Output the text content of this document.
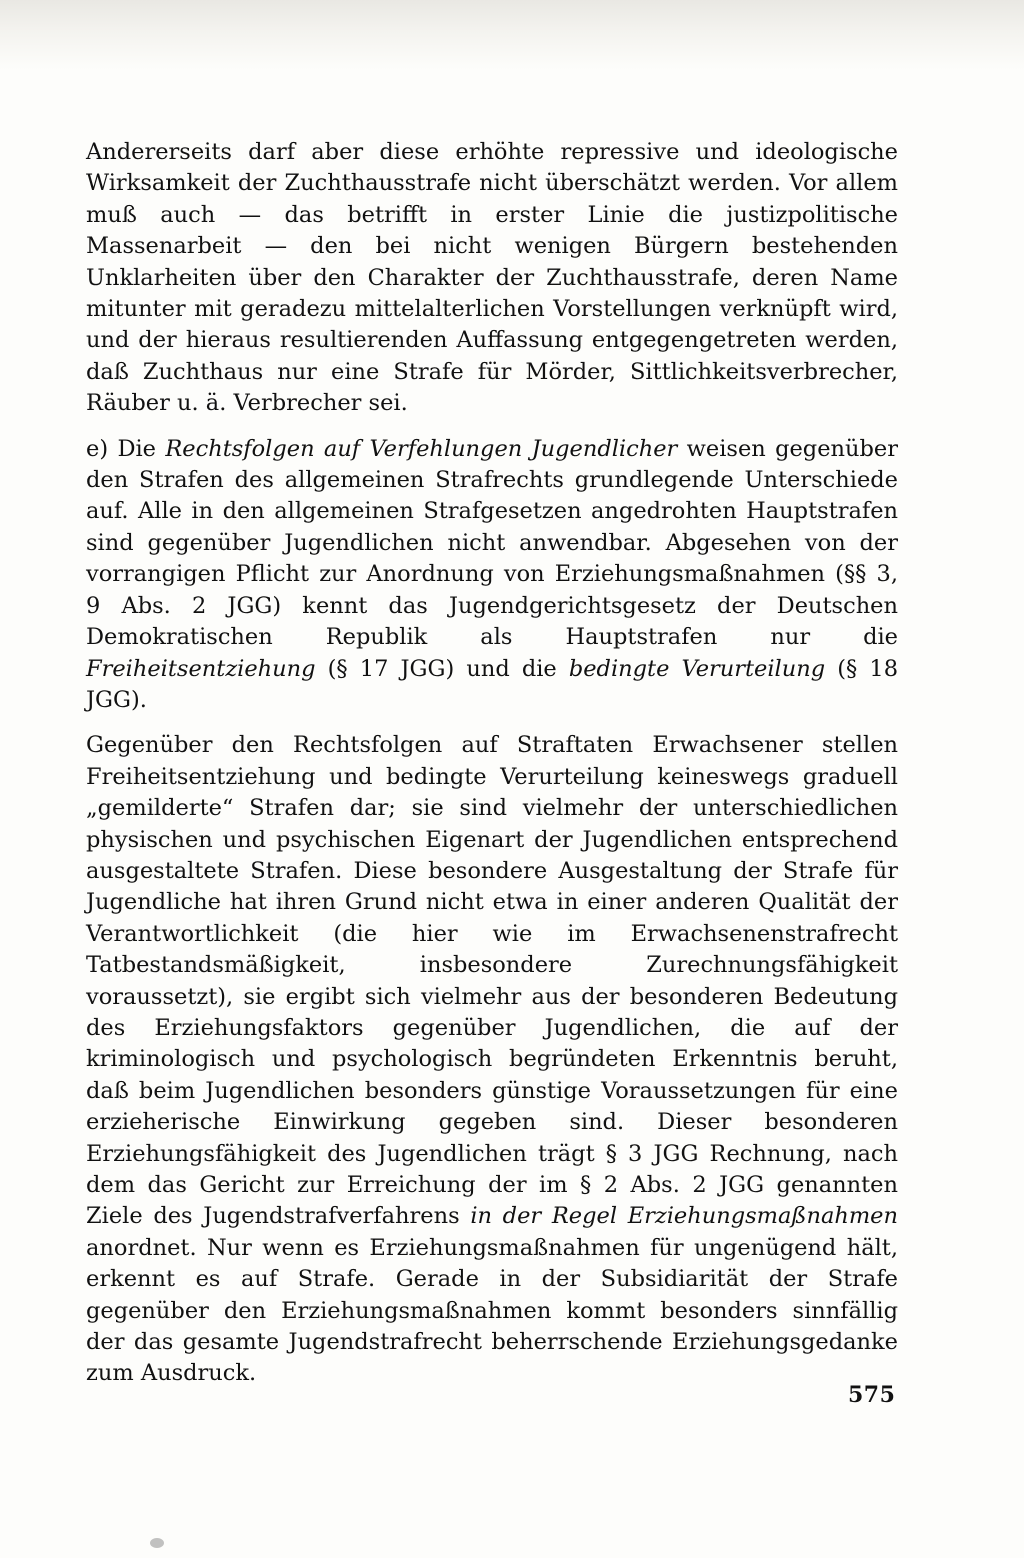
Andererseits darf aber diese erhöhte repressive und ideologische Wirksamkeit der Zuchthausstrafe nicht überschätzt werden. Vor allem muß auch — das betrifft in erster Linie die justizpolitische Massenarbeit — den bei nicht wenigen Bürgern bestehenden Unklarheiten über den Charakter der Zuchthausstrafe, deren Name mitunter mit geradezu mittelalterlichen Vorstellungen verknüpft wird, und der hieraus resultierenden Auffassung entgegengetreten werden, daß Zuchthaus nur eine Strafe für Mörder, Sittlichkeitsverbrecher, Räuber u. ä. Verbrecher sei.

e) Die Rechtsfolgen auf Verfehlungen Jugendlicher weisen gegenüber den Strafen des allgemeinen Strafrechts grundlegende Unterschiede auf. Alle in den allgemeinen Strafgesetzen angedrohten Hauptstrafen sind gegenüber Jugendlichen nicht anwendbar. Abgesehen von der vorrangigen Pflicht zur Anordnung von Erziehungsmaßnahmen (§§ 3, 9 Abs. 2 JGG) kennt das Jugendgerichtsgesetz der Deutschen Demokratischen Republik als Hauptstrafen nur die Freiheitsentziehung (§ 17 JGG) und die bedingte Verurteilung (§ 18 JGG).

Gegenüber den Rechtsfolgen auf Straftaten Erwachsener stellen Freiheitsentziehung und bedingte Verurteilung keineswegs graduell „gemilderte“ Strafen dar; sie sind vielmehr der unterschiedlichen physischen und psychischen Eigenart der Jugendlichen entsprechend ausgestaltete Strafen. Diese besondere Ausgestaltung der Strafe für Jugendliche hat ihren Grund nicht etwa in einer anderen Qualität der Verantwortlichkeit (die hier wie im Erwachsenenstrafrecht Tatbestandsmäßigkeit, insbesondere Zurechnungsfähigkeit voraussetzt), sie ergibt sich vielmehr aus der besonderen Bedeutung des Erziehungsfaktors gegenüber Jugendlichen, die auf der kriminologisch und psychologisch begründeten Erkenntnis beruht, daß beim Jugendlichen besonders günstige Voraussetzungen für eine erzieherische Einwirkung gegeben sind. Dieser besonderen Erziehungsfähigkeit des Jugendlichen trägt § 3 JGG Rechnung, nach dem das Gericht zur Erreichung der im § 2 Abs. 2 JGG genannten Ziele des Jugendstrafverfahrens in der Regel Erziehungsmaßnahmen anordnet. Nur wenn es Erziehungsmaßnahmen für ungenügend hält, erkennt es auf Strafe. Gerade in der Subsidiarität der Strafe gegenüber den Erziehungsmaßnahmen kommt besonders sinnfällig der das gesamte Jugendstrafrecht beherrschende Erziehungsgedanke zum Ausdruck.

575
